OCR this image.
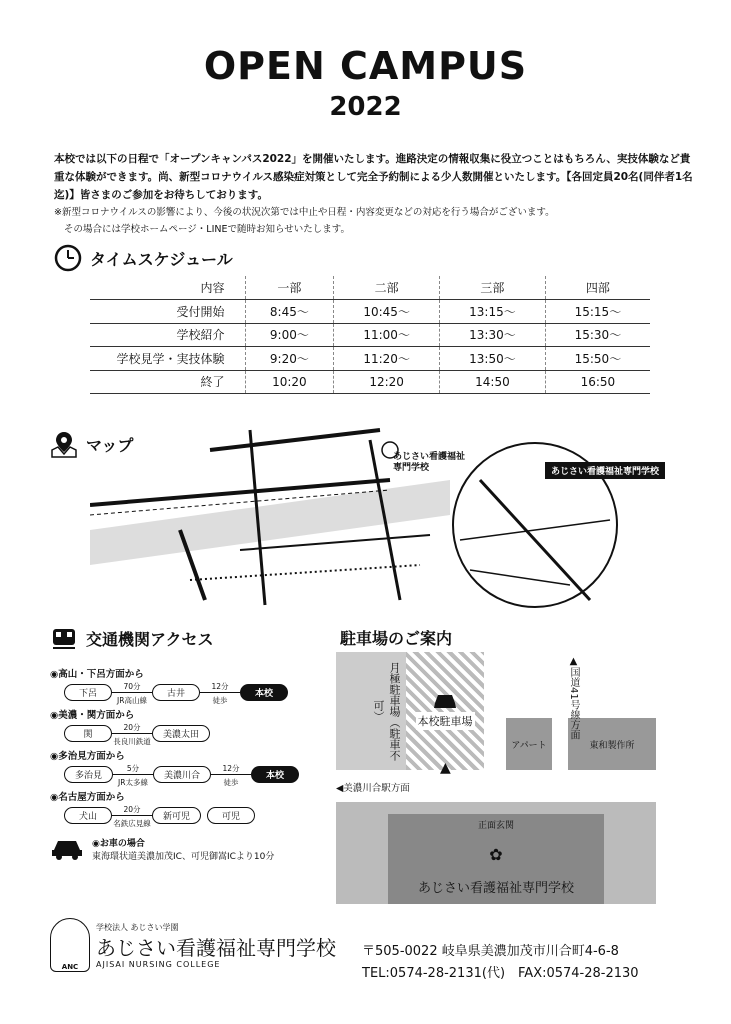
OPEN CAMPUS
2022

本校では以下の日程で「オープンキャンパス2022」を開催いたします。進路決定の情報収集に役立つことはもちろん、実技体験など貴重な体験ができます。尚、新型コロナウイルス感染症対策として完全予約制による少人数開催といたします。【各回定員20名(同伴者1名迄)】皆さまのご参加をお待ちしております。

※新型コロナウイルスの影響により、今後の状況次第では中止や日程・内容変更などの対応を行う場合がございます。

その場合には学校ホームページ・LINEで随時お知らせいたします。

タイムスケジュール
内容	一部	二部	三部	四部
受付開始	8:45～	10:45～	13:15～	15:15～
学校紹介	9:00～	11:00～	13:30～	15:30～
学校見学・実技体験	9:20～	11:20～	13:50～	15:50～
終了	10:20	12:20	14:50	16:50
マップ
あじさい看護福祉
専門学校	あじさい看護福祉専門学校
交通機関アクセス
◉高山・下呂方面から
下呂
70分
JR高山線
古井
12分
徒歩
本校
◉美濃・関方面から
関
20分
長良川鉄道
美濃太田
◉多治見方面から
多治見
5分
JR太多線
美濃川合
12分
徒歩
本校
◉名古屋方面から
犬山
20分
名鉄広見線
新可児	可児
◉お車の場合
東海環状道美濃加茂IC、可児御嵩ICより10分
駐車場のご案内
月極駐車場（駐車不可）	本校駐車場
アパート	東和製作所
▲国道41号線方面
▲
◀美濃川合駅方面
正面玄関
✿
あじさい看護福祉専門学校
ANC
学校法人 あじさい学園
あじさい看護福祉専門学校
AJISAI NURSING COLLEGE
〒505-0022 岐阜県美濃加茂市川合町4-6-8
TEL:0574-28-2131(代)　FAX:0574-28-2130
